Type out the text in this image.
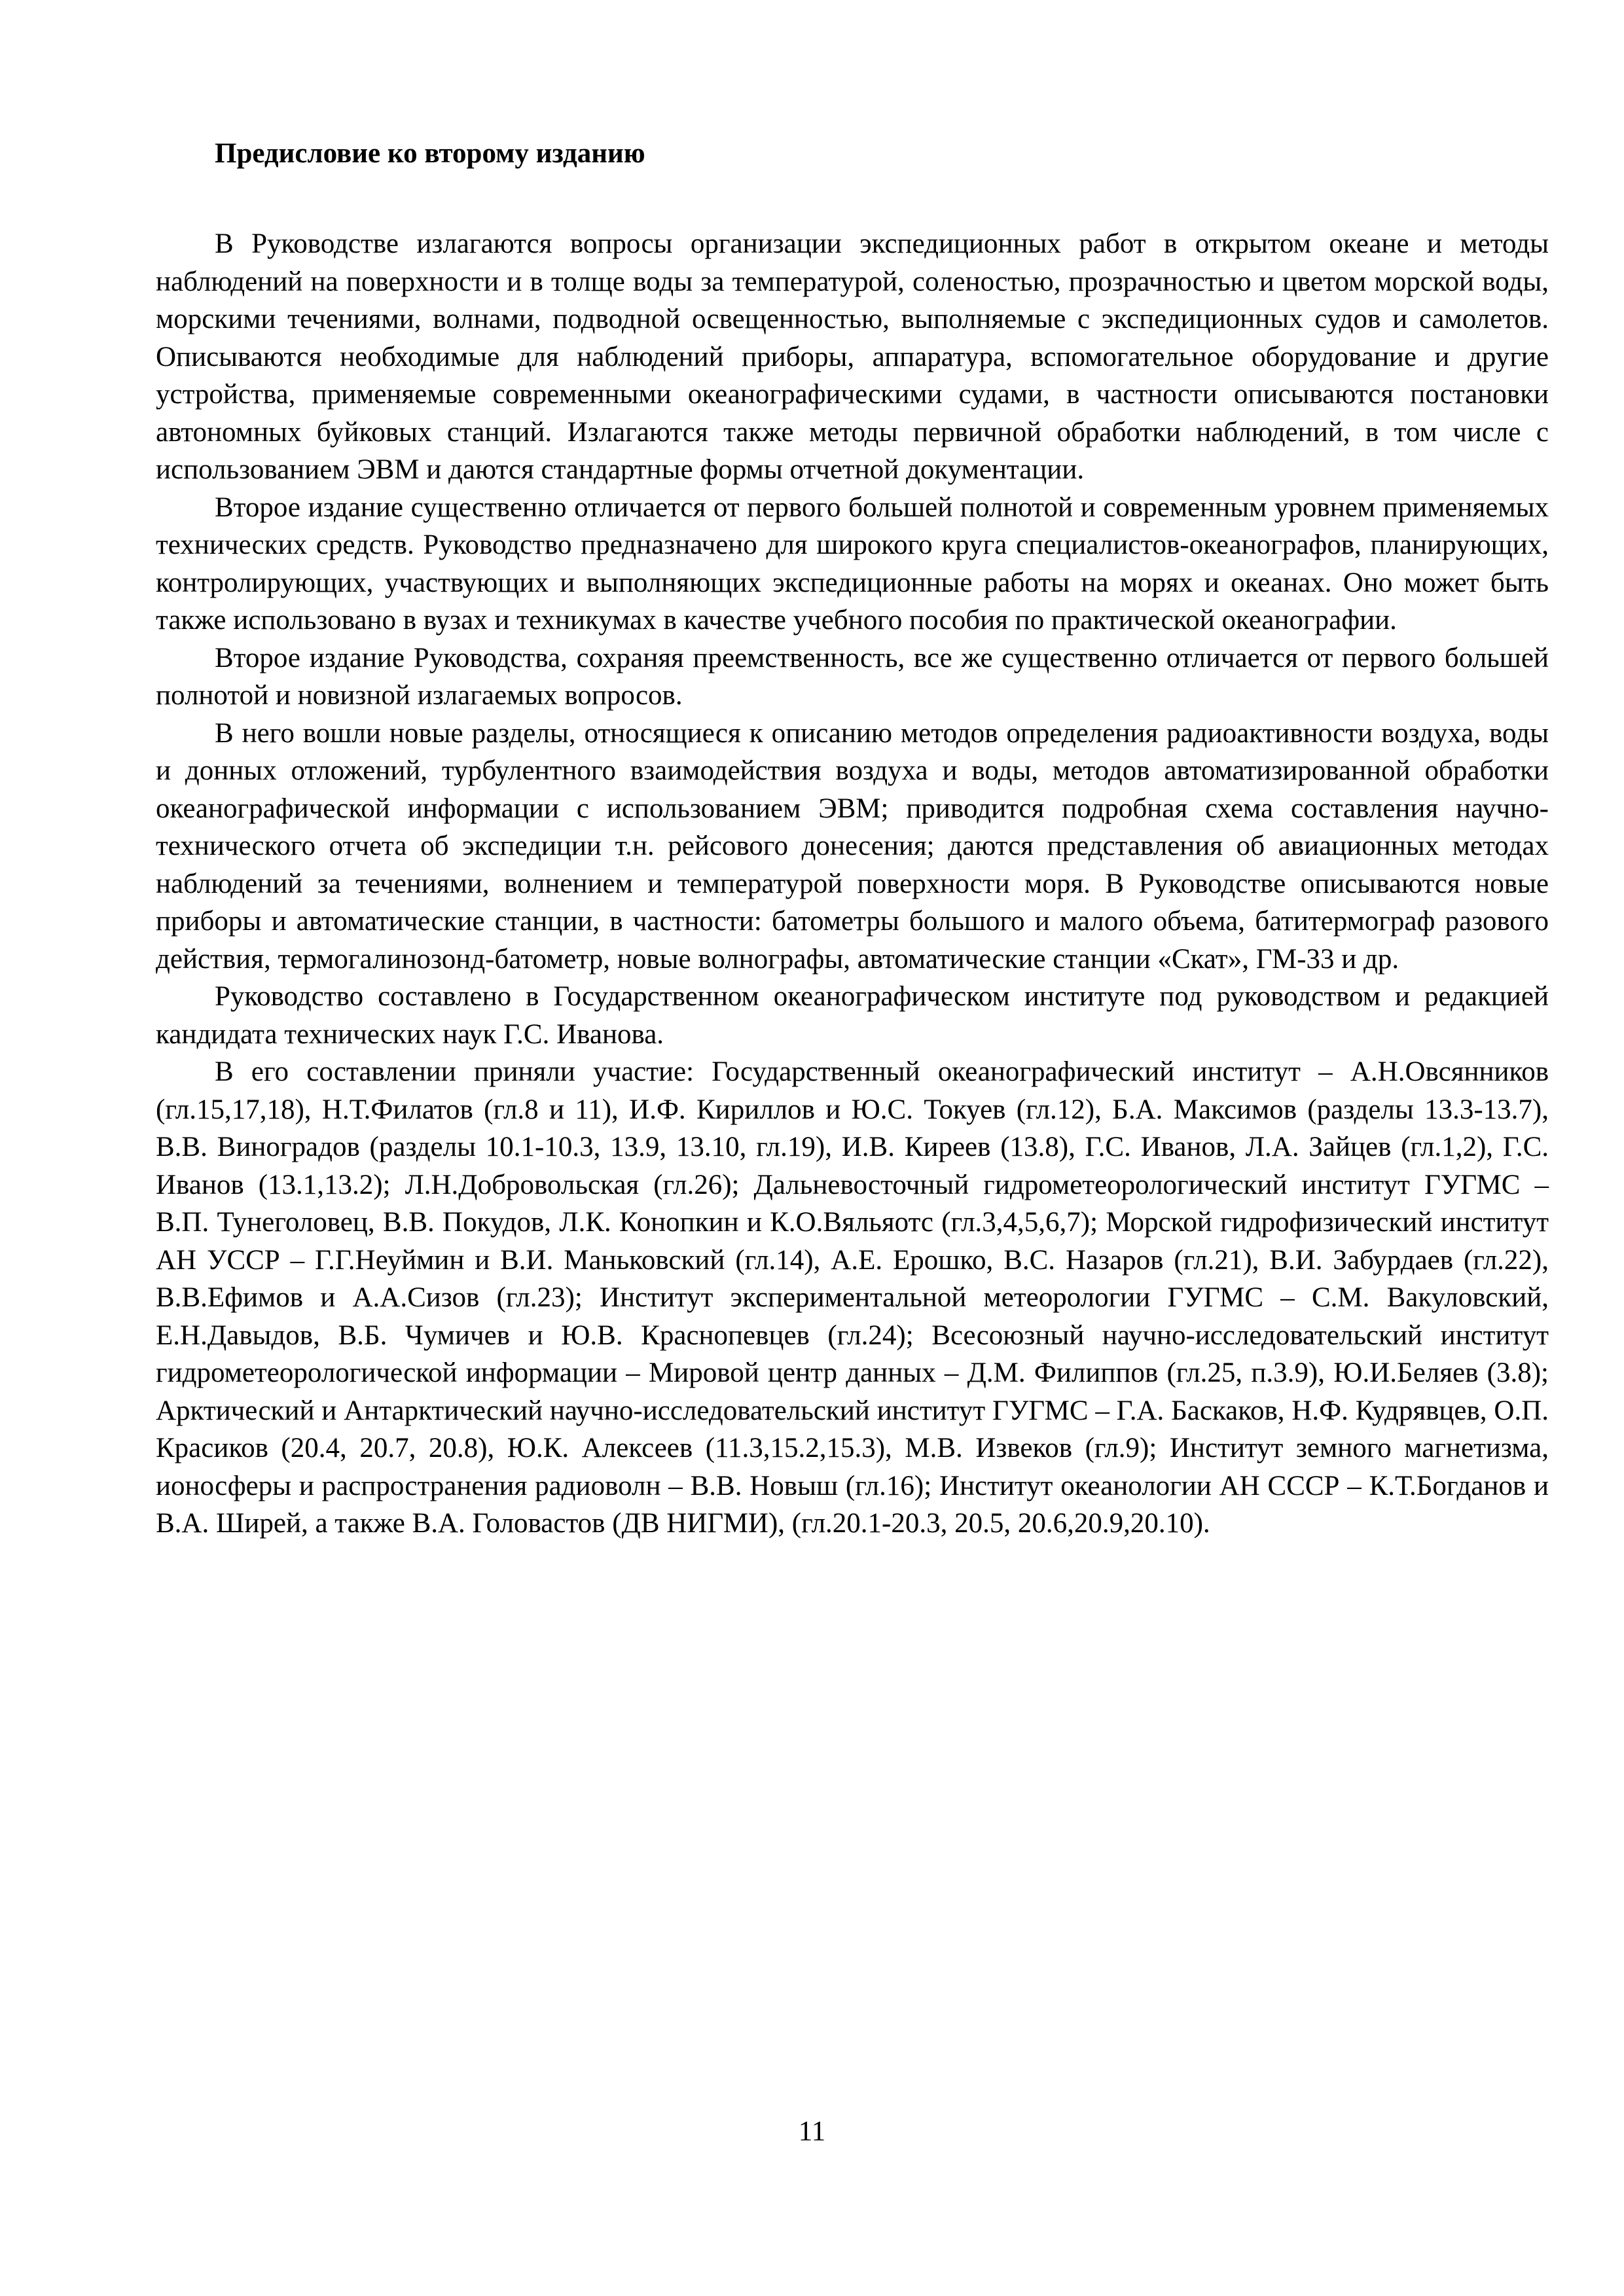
Предисловие ко второму изданию

В Руководстве излагаются вопросы организации экспедиционных работ в открытом океане и методы наблюдений на поверхности и в толще воды за температурой, соленостью, прозрачностью и цветом морской воды, морскими течениями, волнами, подводной освещенностью, выполняемые с экспедиционных судов и самолетов. Описываются необходимые для наблюдений приборы, аппаратура, вспомогательное оборудование и другие устройства, применяемые современными океанографическими судами, в частности описываются постановки автономных буйковых станций. Излагаются также методы первичной обработки наблюдений, в том числе с использованием ЭВМ и даются стандартные формы отчетной документации.

Второе издание существенно отличается от первого большей полнотой и современным уровнем применяемых технических средств. Руководство предназначено для широкого круга специалистов-океанографов, планирующих, контролирующих, участвующих и выполняющих экспедиционные работы на морях и океанах. Оно может быть также использовано в вузах и техникумах в качестве учебного пособия по практической океанографии.

Второе издание Руководства, сохраняя преемственность, все же существенно отличается от первого большей полнотой и новизной излагаемых вопросов.

В него вошли новые разделы, относящиеся к описанию методов определения радиоактивности воздуха, воды и донных отложений, турбулентного взаимодействия воздуха и воды, методов автоматизированной обработки океанографической информации с использованием ЭВМ; приводится подробная схема составления научно-технического отчета об экспедиции т.н. рейсового донесения; даются представления об авиационных методах наблюдений за течениями, волнением и температурой поверхности моря. В Руководстве описываются новые приборы и автоматические станции, в частности: батометры большого и малого объема, батитермограф разового действия, термогалинозонд-батометр, новые волнографы, автоматические станции «Скат», ГМ-33 и др.

Руководство составлено в Государственном океанографическом институте под руководством и редакцией кандидата технических наук Г.С. Иванова.

В его составлении приняли участие: Государственный океанографический институт – А.Н.Овсянников (гл.15,17,18), Н.Т.Филатов (гл.8 и 11), И.Ф. Кириллов и Ю.С. Токуев (гл.12), Б.А. Максимов (разделы 13.3-13.7), В.В. Виноградов (разделы 10.1-10.3, 13.9, 13.10, гл.19), И.В. Киреев (13.8), Г.С. Иванов, Л.А. Зайцев (гл.1,2), Г.С. Иванов (13.1,13.2); Л.Н.Добровольская (гл.26); Дальневосточный гидрометеорологический институт ГУГМС – В.П. Тунеголовец, В.В. Покудов, Л.К. Конопкин и К.О.Вяльяотс (гл.3,4,5,6,7); Морской гидрофизический институт АН УССР – Г.Г.Неуймин и В.И. Маньковский (гл.14), А.Е. Ерошко, В.С. Назаров (гл.21), В.И. Забурдаев (гл.22), В.В.Ефимов и А.А.Сизов (гл.23); Институт экспериментальной метеорологии ГУГМС – С.М. Вакуловский, Е.Н.Давыдов, В.Б. Чумичев и Ю.В. Краснопевцев (гл.24); Всесоюзный научно-исследовательский институт гидрометеорологической информации – Мировой центр данных – Д.М. Филиппов (гл.25, п.3.9), Ю.И.Беляев (3.8); Арктический и Антарктический научно-исследовательский институт ГУГМС – Г.А. Баскаков, Н.Ф. Кудрявцев, О.П. Красиков (20.4, 20.7, 20.8), Ю.К. Алексеев (11.3,15.2,15.3), М.В. Извеков (гл.9); Институт земного магнетизма, ионосферы и распространения радиоволн – В.В. Новыш (гл.16); Институт океанологии АН СССР – К.Т.Богданов и В.А. Ширей, а также В.А. Головастов (ДВ НИГМИ), (гл.20.1-20.3, 20.5, 20.6,20.9,20.10).

11
